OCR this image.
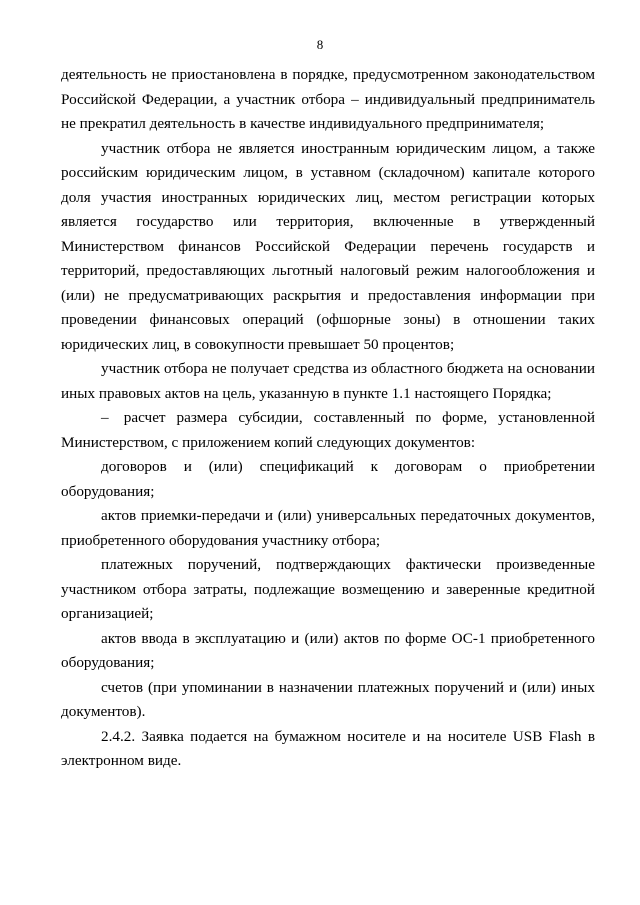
8

деятельность не приостановлена в порядке, предусмотренном законодательством Российской Федерации, а участник отбора – индивидуальный предприниматель не прекратил деятельность в качестве индивидуального предпринимателя;

участник отбора не является иностранным юридическим лицом, а также российским юридическим лицом, в уставном (складочном) капитале которого доля участия иностранных юридических лиц, местом регистрации которых является государство или территория, включенные в утвержденный Министерством финансов Российской Федерации перечень государств и территорий, предоставляющих льготный налоговый режим налогообложения и (или) не предусматривающих раскрытия и предоставления информации при проведении финансовых операций (офшорные зоны) в отношении таких юридических лиц, в совокупности превышает 50 процентов;

участник отбора не получает средства из областного бюджета на основании иных правовых актов на цель, указанную в пункте 1.1 настоящего Порядка;

– расчет размера субсидии, составленный по форме, установленной Министерством, с приложением копий следующих документов:

договоров и (или) спецификаций к договорам о приобретении оборудования;

актов приемки-передачи и (или) универсальных передаточных документов, приобретенного оборудования участнику отбора;

платежных поручений, подтверждающих фактически произведенные участником отбора затраты, подлежащие возмещению и заверенные кредитной организацией;

актов ввода в эксплуатацию и (или) актов по форме ОС-1 приобретенного оборудования;

счетов (при упоминании в назначении платежных поручений и (или) иных документов).

2.4.2. Заявка подается на бумажном носителе и на носителе USB Flash в электронном виде.
